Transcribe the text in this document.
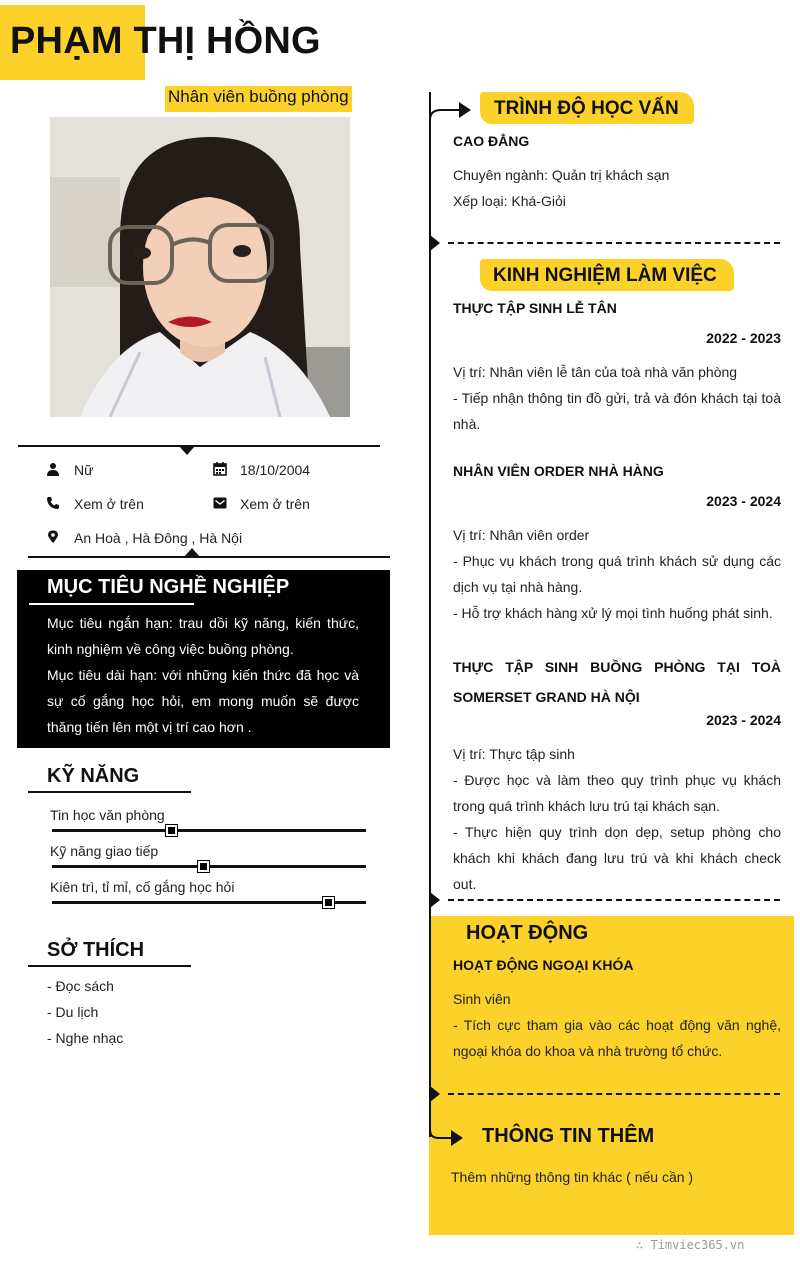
PHẠM THỊ HỒNG
Nhân viên buồng phòng
Nữ	18/10/2004
Xem ở trên	Xem ở trên
An Hoà , Hà Đông , Hà Nội
MỤC TIÊU NGHỀ NGHIỆP
Mục tiêu ngắn hạn: trau dồi kỹ năng, kiến thức, kinh nghiệm về công việc buồng phòng.
Mục tiêu dài hạn: với những kiến thức đã học và sự cố gắng học hỏi, em mong muốn sẽ được thăng tiến lên một vị trí cao hơn .
KỸ NĂNG
Tin học văn phòng
Kỹ năng giao tiếp
Kiên trì, tỉ mỉ, cố gắng học hỏi
SỞ THÍCH
- Đọc sách
- Du lịch
- Nghe nhạc
TRÌNH ĐỘ HỌC VẤN
CAO ĐẲNG
Chuyên ngành: Quản trị khách sạn
Xếp loại: Khá-Giỏi
KINH NGHIỆM LÀM VIỆC
THỰC TẬP SINH LỄ TÂN
2022 - 2023
Vị trí: Nhân viên lễ tân của toà nhà văn phòng
- Tiếp nhận thông tin đồ gửi, trả và đón khách tại toà nhà.
NHÂN VIÊN ORDER NHÀ HÀNG
2023 - 2024
Vị trí: Nhân viên order
- Phục vụ khách trong quá trình khách sử dụng các dịch vụ tại nhà hàng.
- Hỗ trợ khách hàng xử lý mọi tình huống phát sinh.
THỰC TẬP SINH BUỒNG PHÒNG TẠI TOÀ SOMERSET GRAND HÀ NỘI
2023 - 2024
Vị trí: Thực tập sinh
- Được học và làm theo quy trình phục vụ khách trong quá trình khách lưu trú tại khách sạn.
- Thực hiện quy trình dọn dẹp, setup phòng cho khách khi khách đang lưu trú và khi khách check out.
HOẠT ĐỘNG
HOẠT ĐỘNG NGOẠI KHÓA
Sinh viên
- Tích cực tham gia vào các hoạt động văn nghệ, ngoại khóa do khoa và nhà trường tổ chức.
THÔNG TIN THÊM
Thêm những thông tin khác ( nếu cần )
∴ Timviec365.vn
